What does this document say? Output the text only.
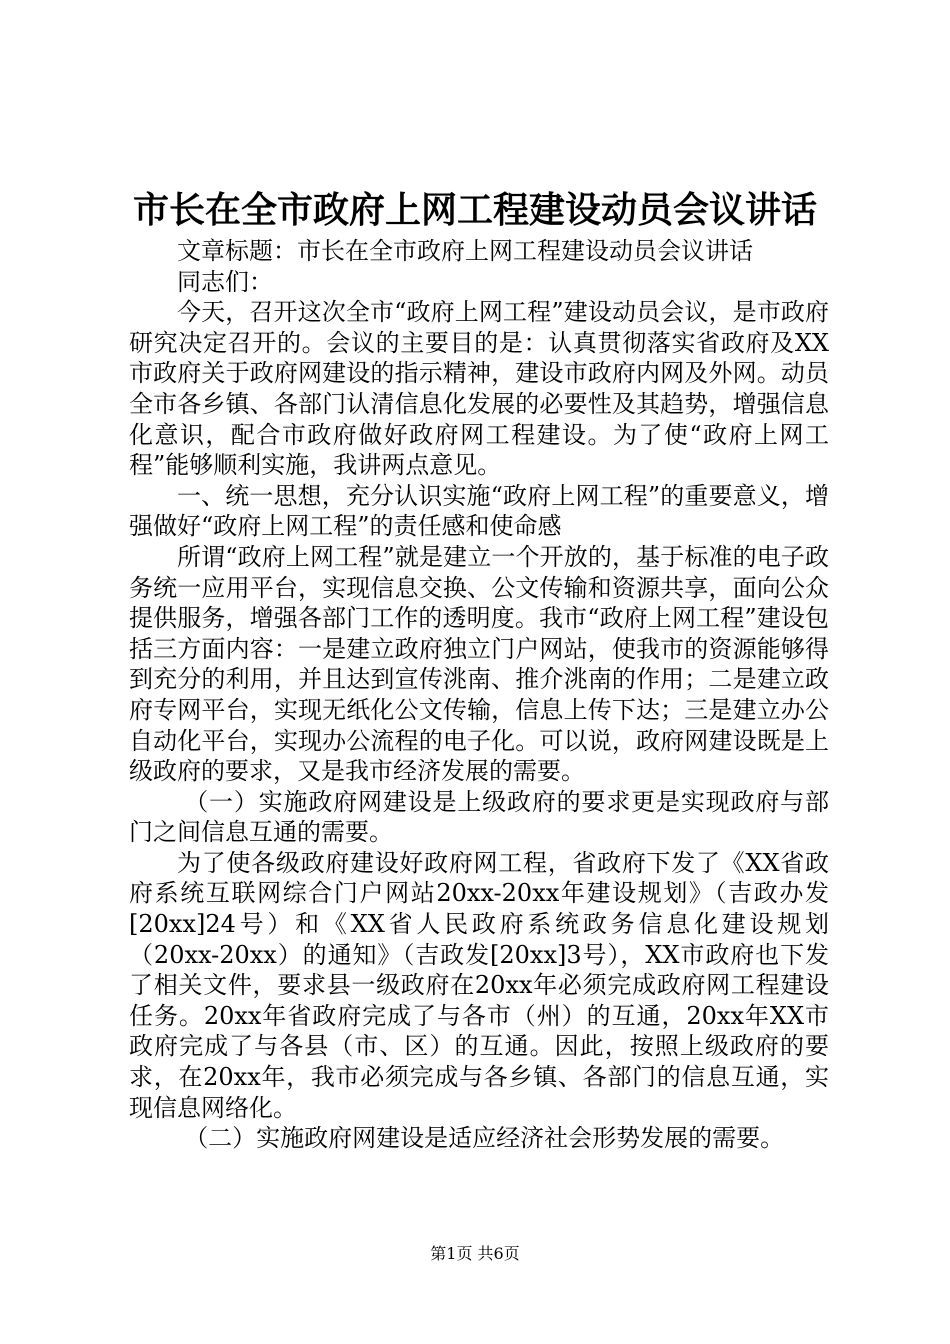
市长在全市政府上网工程建设动员会议讲话

文章标题：市长在全市政府上网工程建设动员会议讲话

同志们：

今天，召开这次全市“政府上网工程”建设动员会议，是市政府研究决定召开的。会议的主要目的是：认真贯彻落实省政府及XX市政府关于政府网建设的指示精神，建设市政府内网及外网。动员全市各乡镇、各部门认清信息化发展的必要性及其趋势，增强信息化意识，配合市政府做好政府网工程建设。为了使“政府上网工程”能够顺利实施，我讲两点意见。

一、统一思想，充分认识实施“政府上网工程”的重要意义，增强做好“政府上网工程”的责任感和使命感

所谓“政府上网工程”就是建立一个开放的，基于标准的电子政务统一应用平台，实现信息交换、公文传输和资源共享，面向公众提供服务，增强各部门工作的透明度。我市“政府上网工程”建设包括三方面内容：一是建立政府独立门户网站，使我市的资源能够得到充分的利用，并且达到宣传洮南、推介洮南的作用；二是建立政府专网平台，实现无纸化公文传输，信息上传下达；三是建立办公自动化平台，实现办公流程的电子化。可以说，政府网建设既是上级政府的要求，又是我市经济发展的需要。

（一）实施政府网建设是上级政府的要求更是实现政府与部门之间信息互通的需要。

为了使各级政府建设好政府网工程，省政府下发了《XX省政府系统互联网综合门户网站20xx-20xx年建设规划》（吉政办发[20xx]24号）和《XX省人民政府系统政务信息化建设规划（20xx-20xx）的通知》（吉政发[20xx]3号），XX市政府也下发了相关文件，要求县一级政府在20xx年必须完成政府网工程建设任务。20xx年省政府完成了与各市（州）的互通，20xx年XX市政府完成了与各县（市、区）的互通。因此，按照上级政府的要求，在20xx年，我市必须完成与各乡镇、各部门的信息互通，实现信息网络化。

（二）实施政府网建设是适应经济社会形势发展的需要。

第1页 共6页
